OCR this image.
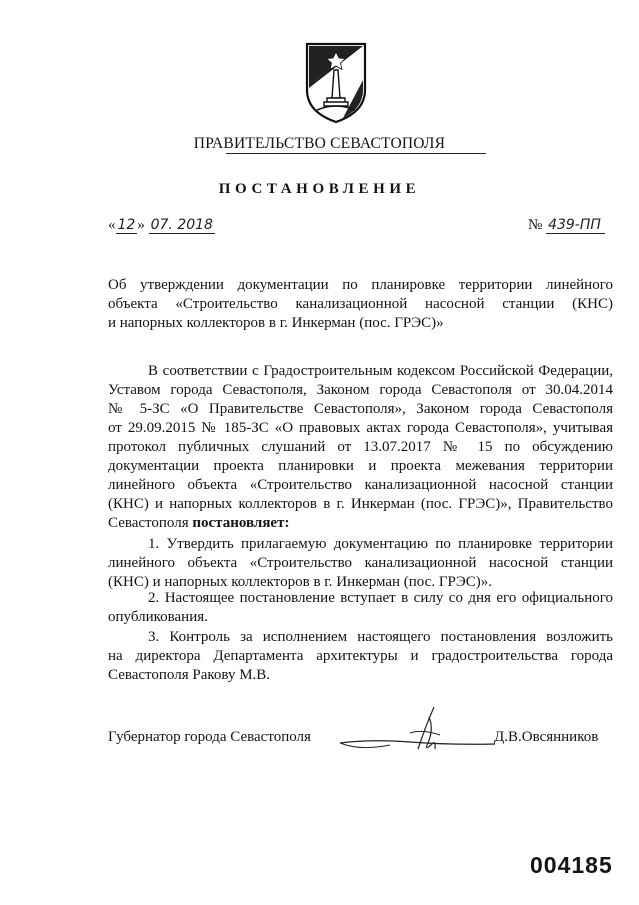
ПРАВИТЕЛЬСТВО СЕВАСТОПОЛЯ
ПОСТАНОВЛЕНИЕ
« 12 » 07. 2018	№ 439-ПП
Об утверждении документации по планировке территории линейного
объекта «Строительство канализационной насосной станции (КНС)
и напорных коллекторов в г. Инкерман (пос. ГРЭС)»
В соответствии с Градостроительным кодексом Российской Федерации,
Уставом города Севастополя, Законом города Севастополя от 30.04.2014
№ 5-ЗС «О Правительстве Севастополя», Законом города Севастополя
от 29.09.2015 № 185-ЗС «О правовых актах города Севастополя», учитывая
протокол публичных слушаний от 13.07.2017 № 15 по обсуждению
документации проекта планировки и проекта межевания территории
линейного объекта «Строительство канализационной насосной станции
(КНС) и напорных коллекторов в г. Инкерман (пос. ГРЭС)», Правительство
Севастополя постановляет:
1. Утвердить прилагаемую документацию по планировке территории
линейного объекта «Строительство канализационной насосной станции
(КНС) и напорных коллекторов в г. Инкерман (пос. ГРЭС)».
2. Настоящее постановление вступает в силу со дня его официального
опубликования.
3. Контроль за исполнением настоящего постановления возложить
на директора Департамента архитектуры и градостроительства города
Севастополя Ракову М.В.
Губернатор города Севастополя	Д.В.Овсянников
004185
